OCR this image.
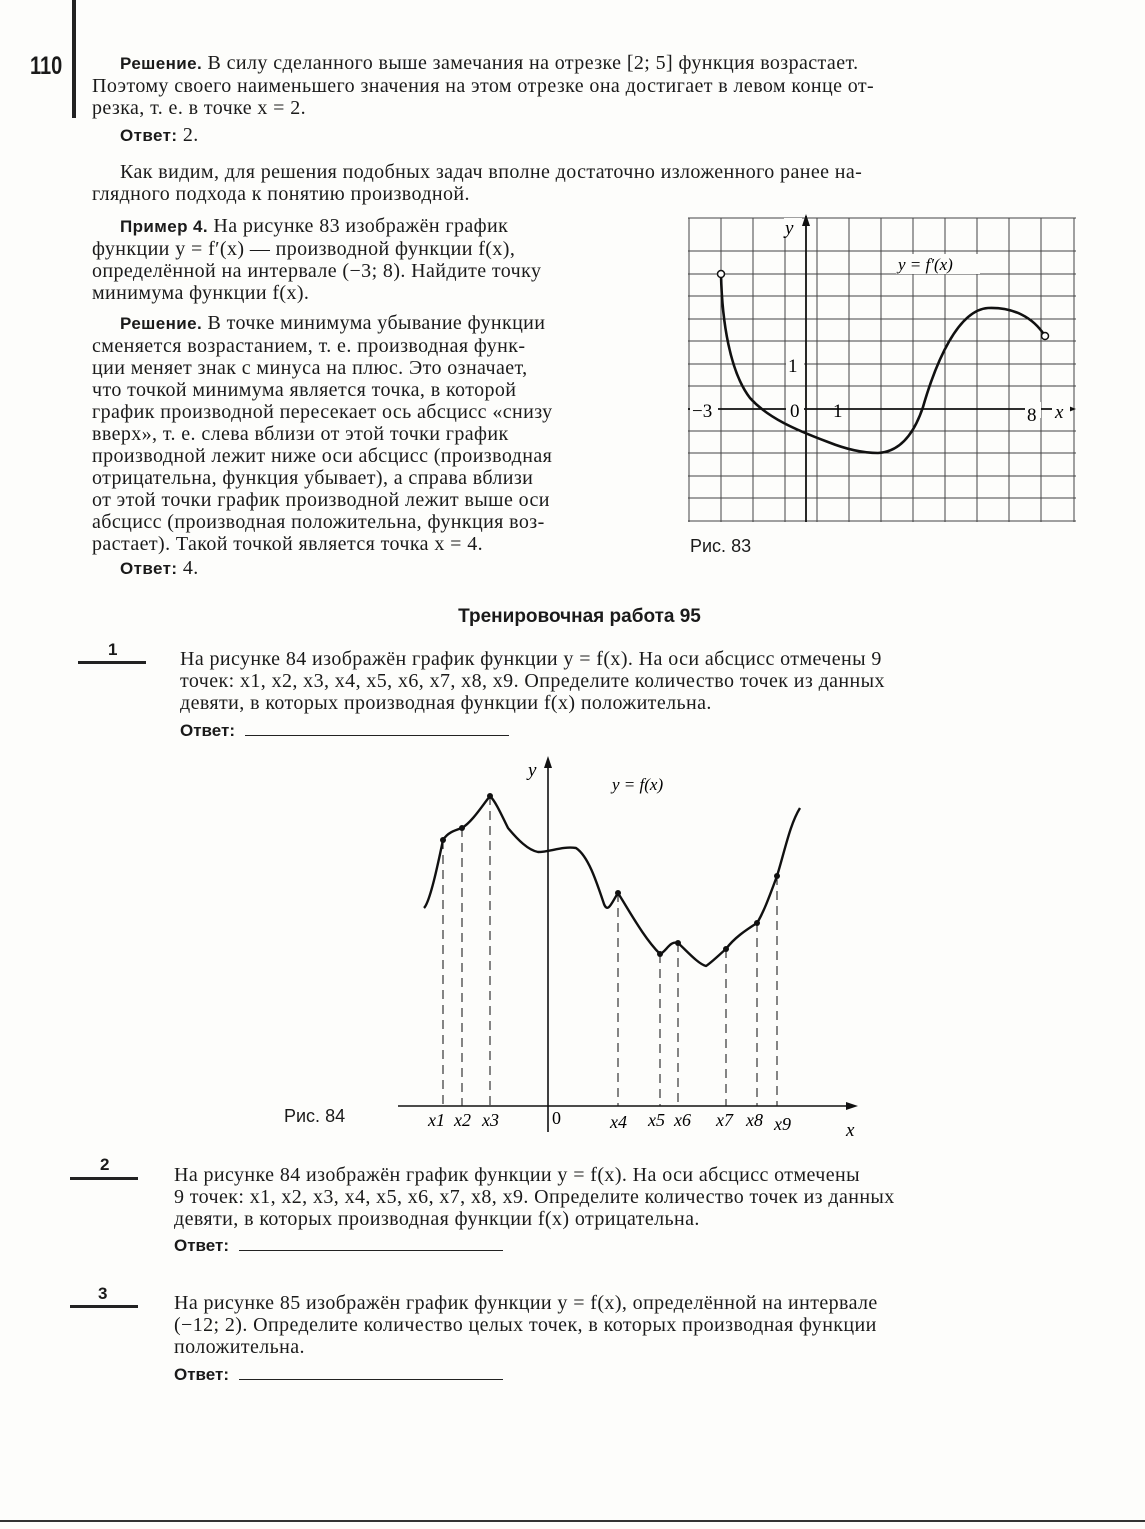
110	Решение. В силу сделанного выше замечания на отрезке [2; 5] функция возрастает.
Поэтому своего наименьшего значения на этом отрезке она достигает в левом конце от-
резка, т. е. в точке x = 2.
Ответ: 2.
Как видим, для решения подобных задач вполне достаточно изложенного ранее на-
глядного подхода к понятию производной.
Пример 4. На рисунке 83 изображён график
функции y = f′(x) — производной функции f(x),
определённой на интервале (−3; 8). Найдите точку
минимума функции f(x).
Решение. В точке минимума убывание функции
сменяется возрастанием, т. е. производная функ-
ции меняет знак с минуса на плюс. Это означает,
что точкой минимума является точка, в которой
график производной пересекает ось абсцисс «снизу
вверх», т. е. слева вблизи от этой точки график
производной лежит ниже оси абсцисс (производная
отрицательна, функция убывает), а справа вблизи
от этой точки график производной лежит выше оси
абсцисс (производная положительна, функция воз-
растает). Такой точкой является точка x = 4.
Ответ: 4.
−3	0 1
1
8 x
y
y = f′(x)
Рис. 83
Тренировочная работа 95
1	На рисунке 84 изображён график функции y = f(x). На оси абсцисс отмечены 9
точек: x1, x2, x3, x4, x5, x6, x7, x8, x9. Определите количество точек из данных
девяти, в которых производная функции f(x) положительна.
Ответ:
y
y = f(x)
0
x
x1 x2 x3	x4 x5 x6 x7 x8 x9
Рис. 84
2	На рисунке 84 изображён график функции y = f(x). На оси абсцисс отмечены
9 точек: x1, x2, x3, x4, x5, x6, x7, x8, x9. Определите количество точек из данных
девяти, в которых производная функции f(x) отрицательна.
Ответ:
3	На рисунке 85 изображён график функции y = f(x), определённой на интервале
(−12; 2). Определите количество целых точек, в которых производная функции
положительна.
Ответ:
